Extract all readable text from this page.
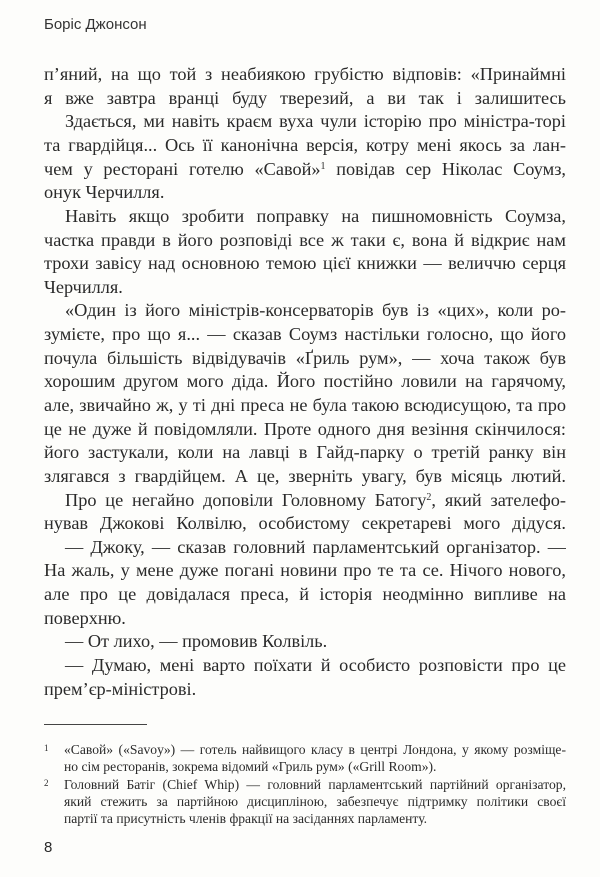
Боріс Джонсон
п’яний, на що той з неабиякою грубістю відповів: «Принаймні
я вже завтра вранці буду тверезий, а ви так і залишитесь
Здається, ми навіть краєм вуха чули історію про міністра-торі
та гвардійця... Ось її канонічна версія, котру мені якось за лан-
чем у ресторані готелю «Савой»$^1$ повідав сер Ніколас Соумз,
онук Черчилля.
Навіть якщо зробити поправку на пишномовність Соумза,
частка правди в його розповіді все ж таки є, вона й відкриє нам
трохи завісу над основною темою цієї книжки — величчю серця
Черчилля.
«Один із його міністрів-консерваторів був із «цих», коли ро-
зумієте, про що я... — сказав Соумз настільки голосно, що його
почула більшість відвідувачів «Ґриль рум», — хоча також був
хорошим другом мого діда. Його постійно ловили на гарячому,
але, звичайно ж, у ті дні преса не була такою всюдисущою, та про
це не дуже й повідомляли. Проте одного дня везіння скінчилося:
його застукали, коли на лавці в Гайд-парку о третій ранку він
злягався з гвардійцем. А це, зверніть увагу, був місяць лютий.
Про це негайно доповіли Головному Батогу$^2$, який зателефо-
нував Джокові Колвілю, особистому секретареві мого дідуся.
— Джоку, — сказав головний парламентський організатор. —
На жаль, у мене дуже погані новини про те та се. Нічого нового,
але про це довідалася преса, й історія неодмінно випливе на
поверхню.
— От лихо, — промовив Колвіль.
— Думаю, мені варто поїхати й особисто розповісти про це
прем’єр-міністрові.
1 «Савой» («Savoy») — готель найвищого класу в центрі Лондона, у якому розміще-
но сім ресторанів, зокрема відомий «Гриль рум» («Grill Room»).
2 Головний Батіг (Chief Whip) — головний парламентський партійний організатор,
який стежить за партійною дисципліною, забезпечує підтримку політики своєї
партії та присутність членів фракції на засіданнях парламенту.
8
